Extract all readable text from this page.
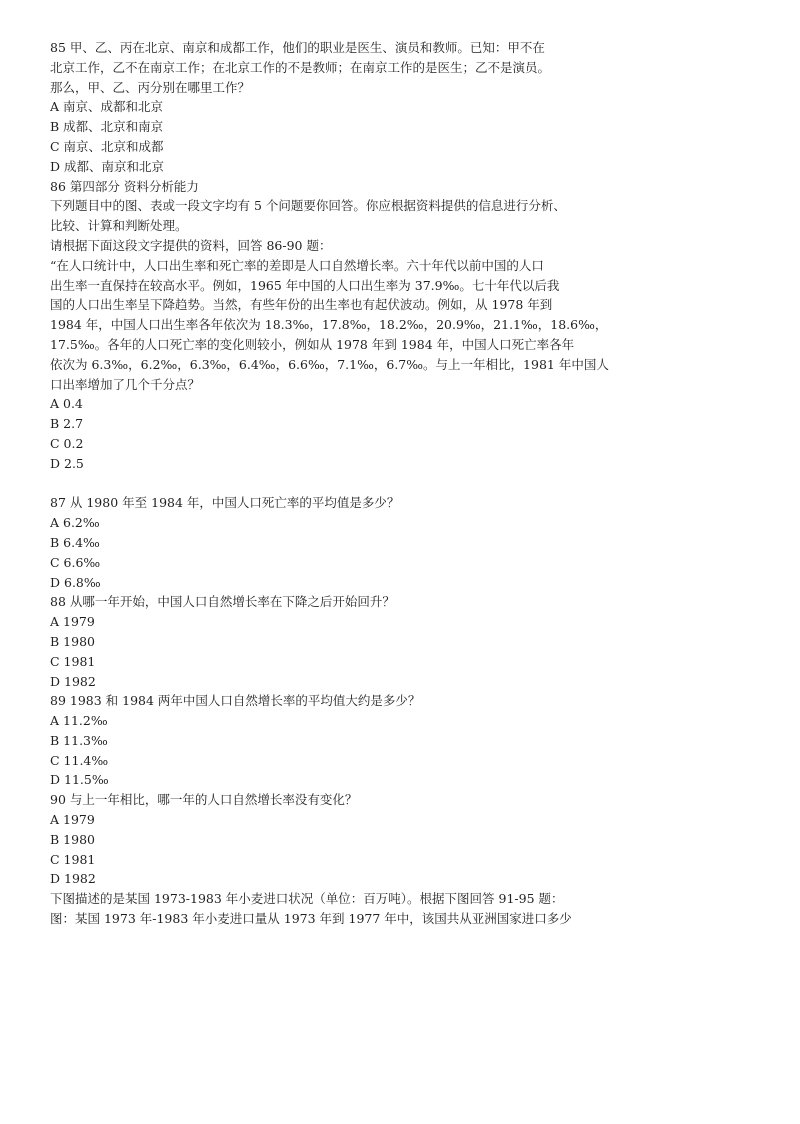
85 甲、乙、丙在北京、南京和成都工作，他们的职业是医生、演员和教师。已知：甲不在
北京工作，乙不在南京工作；在北京工作的不是教师；在南京工作的是医生；乙不是演员。
那么，甲、乙、丙分别在哪里工作？
A 南京、成都和北京
B 成都、北京和南京
C 南京、北京和成都
D 成都、南京和北京
86 第四部分 资料分析能力
下列题目中的图、表或一段文字均有 5 个问题要你回答。你应根据资料提供的信息进行分析、
比较、计算和判断处理。
请根据下面这段文字提供的资料，回答 86-90 题：
“在人口统计中，人口出生率和死亡率的差即是人口自然增长率。六十年代以前中国的人口
出生率一直保持在较高水平。例如，1965 年中国的人口出生率为 37.9‰。七十年代以后我
国的人口出生率呈下降趋势。当然，有些年份的出生率也有起伏波动。例如，从 1978 年到
1984 年，中国人口出生率各年依次为 18.3‰，17.8‰，18.2‰，20.9‰，21.1‰，18.6‰，
17.5‰。各年的人口死亡率的变化则较小，例如从 1978 年到 1984 年，中国人口死亡率各年
依次为 6.3‰，6.2‰，6.3‰，6.4‰，6.6‰，7.1‰，6.7‰。与上一年相比，1981 年中国人
口出率增加了几个千分点？
A 0.4
B 2.7
C 0.2
D 2.5
87 从 1980 年至 1984 年，中国人口死亡率的平均值是多少？
A 6.2‰
B 6.4‰
C 6.6‰
D 6.8‰
88 从哪一年开始，中国人口自然增长率在下降之后开始回升？
A 1979
B 1980
C 1981
D 1982
89 1983 和 1984 两年中国人口自然增长率的平均值大约是多少？
A 11.2‰
B 11.3‰
C 11.4‰
D 11.5‰
90 与上一年相比，哪一年的人口自然增长率没有变化？
A 1979
B 1980
C 1981
D 1982
下图描述的是某国 1973-1983 年小麦进口状况（单位：百万吨）。根据下图回答 91-95 题：
图：某国 1973 年-1983 年小麦进口量从 1973 年到 1977 年中，该国共从亚洲国家进口多少
